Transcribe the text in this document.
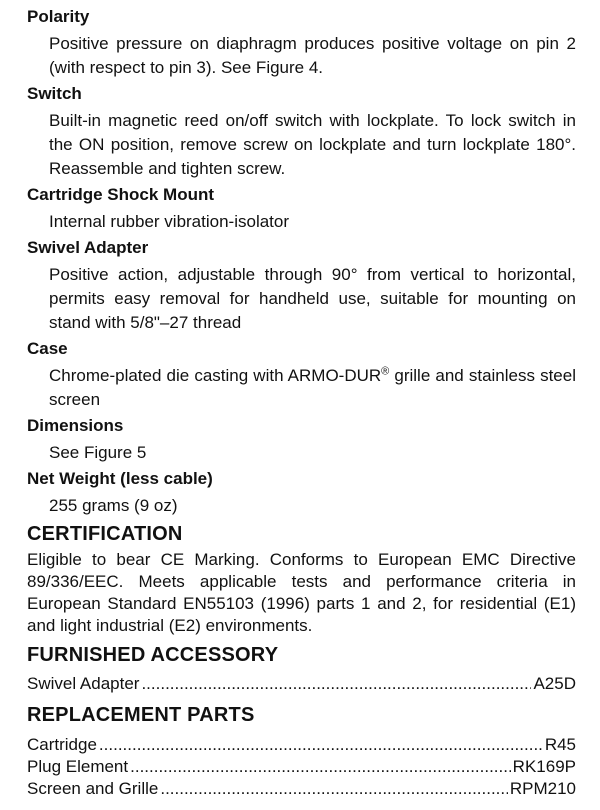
Polarity
Positive pressure on diaphragm produces positive voltage on pin 2 (with respect to pin 3). See Figure 4.
Switch
Built-in magnetic reed on/off switch with lockplate. To lock switch in the ON position, remove screw on lockplate and turn lockplate 180°. Reassemble and tighten screw.
Cartridge Shock Mount
Internal rubber vibration-isolator
Swivel Adapter
Positive action, adjustable through 90° from vertical to horizontal, permits easy removal for handheld use, suitable for mounting on stand with 5/8"–27 thread
Case
Chrome-plated die casting with ARMO-DUR® grille and stainless steel screen
Dimensions
See Figure 5
Net Weight (less cable)
255 grams (9 oz)
CERTIFICATION
Eligible to bear CE Marking. Conforms to European EMC Directive 89/336/EEC. Meets applicable tests and performance criteria in European Standard EN55103 (1996) parts 1 and 2, for residential (E1) and light industrial (E2) environments.
FURNISHED ACCESSORY
Swivel Adapter .....	A25D
REPLACEMENT PARTS
Cartridge .....	R45
Plug Element .....	RK169P
Screen and Grille .....	RPM210
